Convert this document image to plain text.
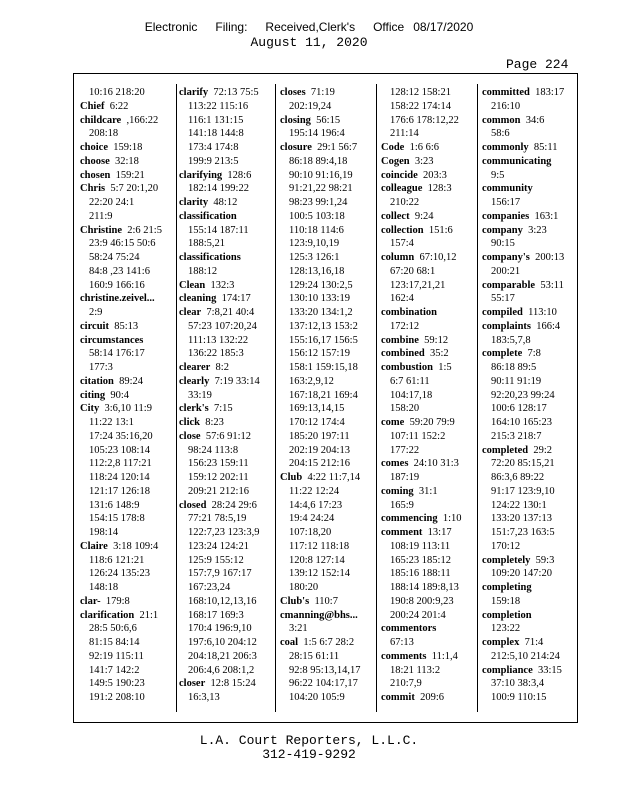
Electronic Filing: Received,Clerk's Office 08/17/2020
August 11, 2020
Page 224
10:16 218:20
Chief  6:22
childcare  ,166:22
208:18
choice  159:18
choose  32:18
chosen  159:21
Chris  5:7 20:1,20
22:20 24:1
211:9
Christine  2:6 21:5
23:9 46:15 50:6
58:24 75:24
84:8 ,23 141:6
160:9 166:16
christine.zeivel...
2:9
circuit  85:13
circumstances
58:14 176:17
177:3
citation  89:24
citing  90:4
City  3:6,10 11:9
11:22 13:1
17:24 35:16,20
105:23 108:14
112:2,8 117:21
118:24 120:14
121:17 126:18
131:6 148:9
154:15 178:8
198:14
Claire  3:18 109:4
118:6 121:21
126:24 135:23
148:18
clar-  179:8
clarification  21:1
28:5 50:6,6
81:15 84:14
92:19 115:11
141:7 142:2
149:5 190:23
191:2 208:10
clarify  72:13 75:5
113:22 115:16
116:1 131:15
141:18 144:8
173:4 174:8
199:9 213:5
clarifying  128:6
182:14 199:22
clarity  48:12
classification
155:14 187:11
188:5,21
classifications
188:12
Clean  132:3
cleaning  174:17
clear  7:8,21 40:4
57:23 107:20,24
111:13 132:22
136:22 185:3
clearer  8:2
clearly  7:19 33:14
33:19
clerk's  7:15
click  8:23
close  57:6 91:12
98:24 113:8
156:23 159:11
159:12 202:11
209:21 212:16
closed  28:24 29:6
77:21 78:5,19
122:7,23 123:3,9
123:24 124:21
125:9 155:12
157:7,9 167:17
167:23,24
168:10,12,13,16
168:17 169:3
170:4 196:9,10
197:6,10 204:12
204:18,21 206:3
206:4,6 208:1,2
closer  12:8 15:24
16:3,13
closes  71:19
202:19,24
closing  56:15
195:14 196:4
closure  29:1 56:7
86:18 89:4,18
90:10 91:16,19
91:21,22 98:21
98:23 99:1,24
100:5 103:18
110:18 114:6
123:9,10,19
125:3 126:1
128:13,16,18
129:24 130:2,5
130:10 133:19
133:20 134:1,2
137:12,13 153:2
155:16,17 156:5
156:12 157:19
158:1 159:15,18
163:2,9,12
167:18,21 169:4
169:13,14,15
170:12 174:4
185:20 197:11
202:19 204:13
204:15 212:16
Club  4:22 11:7,14
11:22 12:24
14:4,6 17:23
19:4 24:24
107:18,20
117:12 118:18
120:8 127:14
139:12 152:14
180:20
Club's  110:7
cmanning@bhs...
3:21
coal  1:5 6:7 28:2
28:15 61:11
92:8 95:13,14,17
96:22 104:17,17
104:20 105:9
128:12 158:21
158:22 174:14
176:6 178:12,22
211:14
Code  1:6 6:6
Cogen  3:23
coincide  203:3
colleague  128:3
210:22
collect  9:24
collection  151:6
157:4
column  67:10,12
67:20 68:1
123:17,21,21
162:4
combination
172:12
combine  59:12
combined  35:2
combustion  1:5
6:7 61:11
104:17,18
158:20
come  59:20 79:9
107:11 152:2
177:22
comes  24:10 31:3
187:19
coming  31:1
165:9
commencing  1:10
comment  13:17
108:19 113:11
165:23 185:12
185:16 188:11
188:14 189:8,13
190:8 200:9,23
200:24 201:4
commentors
67:13
comments  11:1,4
18:21 113:2
210:7,9
commit  209:6
committed  183:17
216:10
common  34:6
58:6
commonly  85:11
communicating
9:5
community
156:17
companies  163:1
company  3:23
90:15
company's  200:13
200:21
comparable  53:11
55:17
compiled  113:10
complaints  166:4
183:5,7,8
complete  7:8
86:18 89:5
90:11 91:19
92:20,23 99:24
100:6 128:17
164:10 165:23
215:3 218:7
completed  29:2
72:20 85:15,21
86:3,6 89:22
91:17 123:9,10
124:22 130:1
133:20 137:13
151:7,23 163:5
170:12
completely  59:3
109:20 147:20
completing
159:18
completion
123:22
complex  71:4
212:5,10 214:24
compliance  33:15
37:10 38:3,4
100:9 110:15
L.A. Court Reporters, L.L.C.
312-419-9292
